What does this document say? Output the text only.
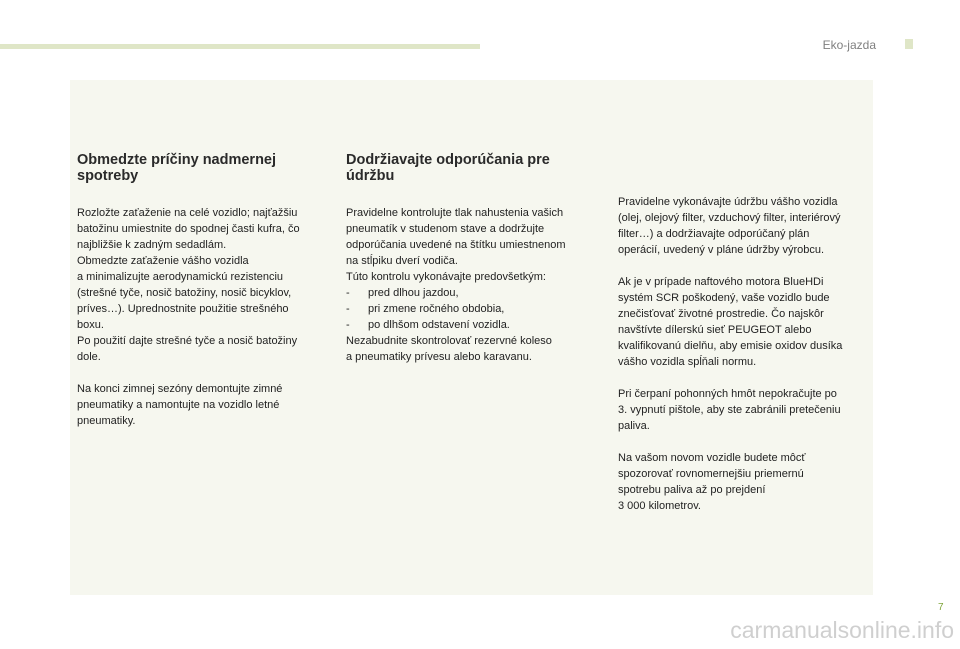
Eko-jazda
Obmedzte príčiny nadmernej
spotreby
Rozložte zaťaženie na celé vozidlo; najťažšiu
batožinu umiestnite do spodnej časti kufra, čo
najbližšie k zadným sedadlám.
Obmedzte zaťaženie vášho vozidla
a minimalizujte aerodynamickú rezistenciu
(strešné tyče, nosič batožiny, nosič bicyklov,
príves…). Uprednostnite použitie strešného
boxu.
Po použití dajte strešné tyče a nosič batožiny
dole.
Na konci zimnej sezóny demontujte zimné
pneumatiky a namontujte na vozidlo letné
pneumatiky.
Dodržiavajte odporúčania pre
údržbu
Pravidelne kontrolujte tlak nahustenia vašich
pneumatík v studenom stave a dodržujte
odporúčania uvedené na štítku umiestnenom
na stĺpiku dverí vodiča.
Túto kontrolu vykonávajte predovšetkým:
- pred dlhou jazdou,
- pri zmene ročného obdobia,
- po dlhšom odstavení vozidla.
Nezabudnite skontrolovať rezervné koleso
a pneumatiky prívesu alebo karavanu.
Pravidelne vykonávajte údržbu vášho vozidla
(olej, olejový filter, vzduchový filter, interiérový
filter…) a dodržiavajte odporúčaný plán
operácií, uvedený v pláne údržby výrobcu.
Ak je v prípade naftového motora BlueHDi
systém SCR poškodený, vaše vozidlo bude
znečisťovať životné prostredie. Čo najskôr
navštívte dílerskú sieť PEUGEOT alebo
kvalifikovanú dielňu, aby emisie oxidov dusíka
vášho vozidla spĺňali normu.
Pri čerpaní pohonných hmôt nepokračujte po
3. vypnutí pištole, aby ste zabránili pretečeniu
paliva.
Na vašom novom vozidle budete môcť
spozorovať rovnomernejšiu priemernú
spotrebu paliva až po prejdení
3 000 kilometrov.
7
carmanualsonline.info
